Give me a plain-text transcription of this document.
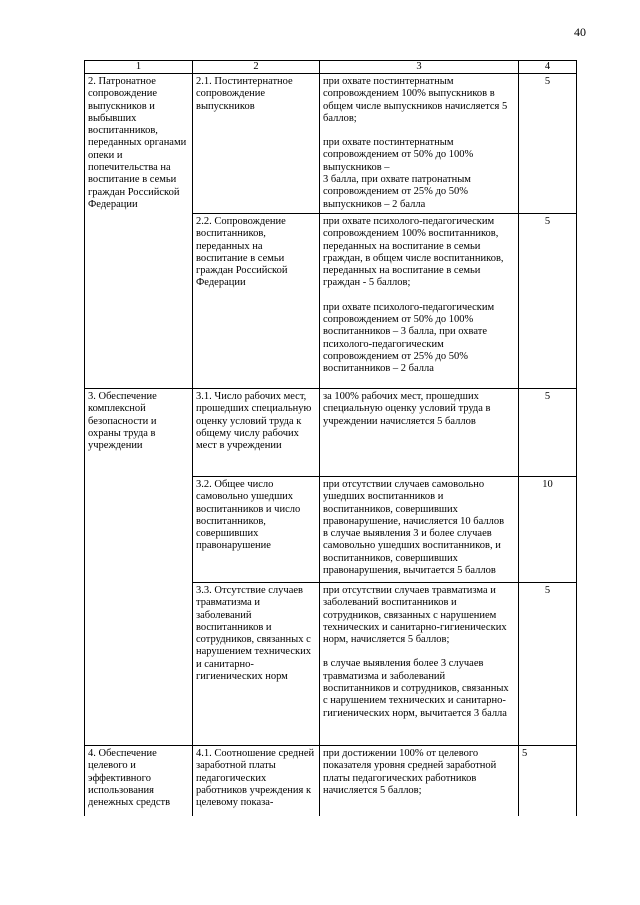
40
1	2	3	4
2. Патронатное сопровождение выпускников и выбывших воспитанников, переданных органами опеки и попечительства на воспитание в семьи граждан Российской Федерации	2.1. Постинтернатное сопровождение выпускников	при охвате постинтернатным сопровождением 100% выпускников в общем числе выпускников начисляется 5 баллов;
при охвате постинтернатным сопровождением от 50% до 100% выпускников –
3 балла, при охвате патронатным сопровождением от 25% до 50% выпускников – 2 балла	5
	2.2. Сопровождение воспитанников, переданных на воспитание в семьи граждан Российской Федерации	при охвате психолого-педагогическим сопровождением 100% воспитанников, переданных на воспитание в семьи граждан, в общем числе воспитанников, переданных на воспитание в семьи граждан - 5 баллов;
при охвате психолого-педагогическим сопровождением от 50% до 100% воспитанников – 3 балла, при охвате психолого-педагогическим сопровождением от 25% до 50% воспитанников – 2 балла	5
3. Обеспечение комплексной безопасности и охраны труда в учреждении	3.1. Число рабочих мест, прошедших специальную оценку условий труда к общему числу рабочих мест в учреждении	за 100% рабочих мест, прошедших специальную оценку условий труда в учреждении начисляется 5 баллов	5
	3.2. Общее число самовольно ушедших воспитанников и число воспитанников, совершивших правонарушение	при отсутствии случаев самовольно ушедших воспитанников и воспитанников, совершивших правонарушение, начисляется 10 баллов
в случае выявления 3 и более случаев самовольно ушедших воспитанников, и воспитанников, совершивших правонарушения, вычитается 5 баллов	10
	3.3. Отсутствие случаев травматизма и заболеваний воспитанников и сотрудников, связанных с нарушением технических и санитарно-гигиенических норм	при отсутствии случаев травматизма и заболеваний воспитанников и сотрудников, связанных с нарушением технических и санитарно-гигиенических норм, начисляется 5 баллов;
в случае выявления более 3 случаев травматизма и заболеваний воспитанников и сотрудников, связанных с нарушением технических и санитарно-гигиенических норм, вычитается 3 балла	5
4. Обеспечение целевого и эффективного использования денежных средств	4.1. Соотношение средней заработной платы педагогических работников учреждения к целевому показа-	при достижении 100% от целевого показателя уровня средней заработной платы педагогических работников начисляется 5 баллов;	5
